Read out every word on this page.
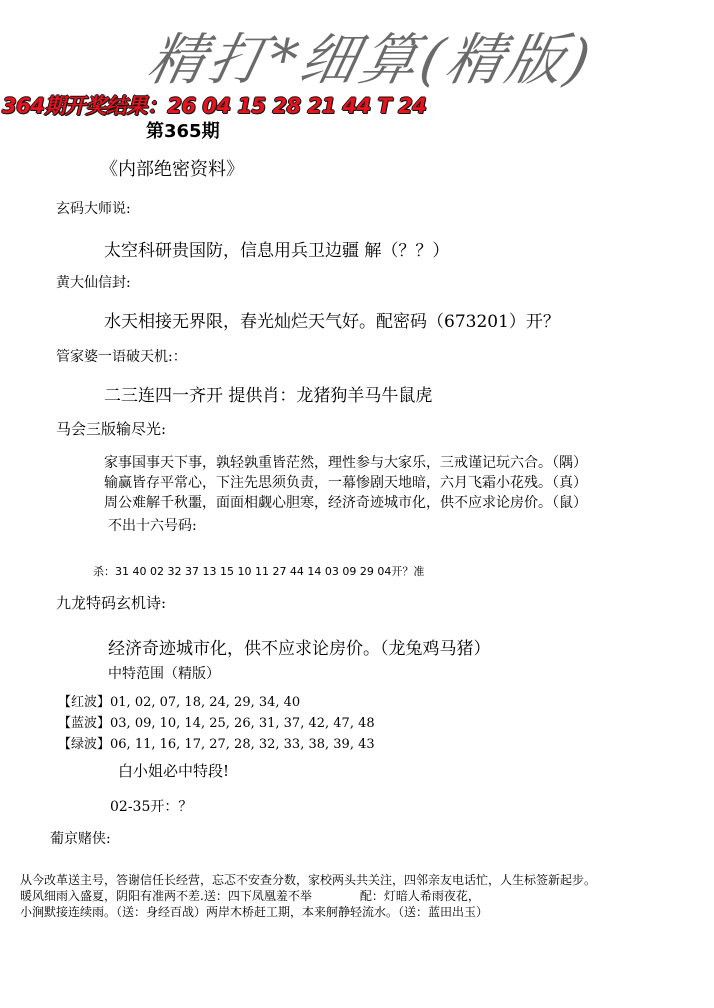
精打*细算(精版)
364期开奖结果：26 04 15 28 21 44 T 24
第365期
《内部绝密资料》
玄码大师说:
太空科研贵国防，信息用兵卫边疆 解（？？）
黄大仙信封:
水天相接无界限，春光灿烂天气好。配密码（673201）开？
管家婆一语破天机:：
二三连四一齐开 提供肖：龙猪狗羊马牛鼠虎
马会三版输尽光:
家事国事天下事，孰轻孰重皆茫然，理性参与大家乐，三戒谨记玩六合。（隅）
输赢皆存平常心，下注先思须负责，一幕惨剧天地暗，六月飞霜小花残。（真）
周公难解千秋噩，面面相觑心胆寒，经济奇迹城市化，供不应求论房价。（鼠）
不出十六号码:
杀：31 40 02 32 37 13 15 10 11 27 44 14 03 09 29 04开？准
九龙特码玄机诗:
经济奇迹城市化，供不应求论房价。（龙兔鸡马猪）
中特范围（精版）
【红波】01, 02, 07, 18, 24, 29, 34, 40
【蓝波】03, 09, 10, 14, 25, 26, 31, 37, 42, 47, 48
【绿波】06, 11, 16, 17, 27, 28, 32, 33, 38, 39, 43
白小姐必中特段!
02-35开：？
葡京赌侠:
从今改革送主号，答谢信任长经营，忘忑不安查分数，家校两头共关注，四邻亲友电话忙，人生标签新起步。
暖风细雨入盛夏，阴阳有准两不差.送：四下凤凰羞不举　　　　配：灯暗人希雨夜花，
小涧默接连续雨。（送：身经百战）两岸木桥赶工期，本来舸静轻流水。（送：蓝田出玉）
